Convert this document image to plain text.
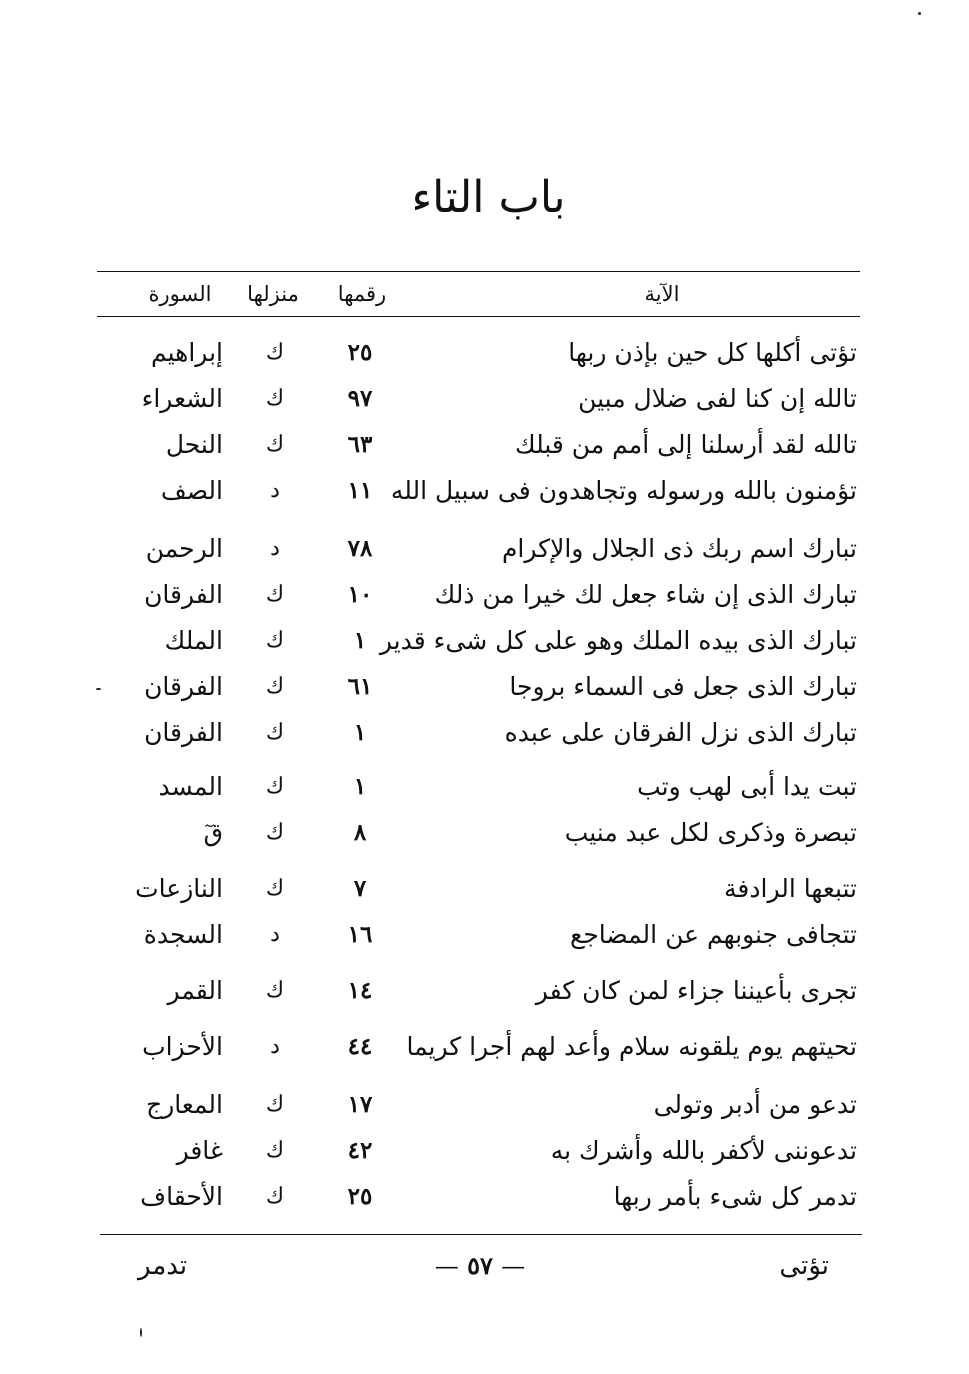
باب التاء
الآية
رقمها
منزلها
السورة
تؤتى أكلها كل حين بإذن ربها
٢٥
ك
إبراهيم
تالله إن كنا لفى ضلال مبين
٩٧
ك
الشعراء
تالله لقد أرسلنا إلى أمم من قبلك
٦٣
ك
النحل
تؤمنون بالله ورسوله وتجاهدون فى سبيل الله
١١
د
الصف
تبارك اسم ربك ذى الجلال والإكرام
٧٨
د
الرحمن
تبارك الذى إن شاء جعل لك خيرا من ذلك
١٠
ك
الفرقان
تبارك الذى بيده الملك وهو على كل شىء قدير
١
ك
الملك
تبارك الذى جعل فى السماء بروجا
٦١
ك
الفرقان
تبارك الذى نزل الفرقان على عبده
١
ك
الفرقان
تبت يدا أبى لهب وتب
١
ك
المسد
تبصرة وذكرى لكل عبد منيب
٨
ك
قٓ
تتبعها الرادفة
٧
ك
النازعات
تتجافى جنوبهم عن المضاجع
١٦
د
السجدة
تجرى بأعيننا جزاء لمن كان كفر
١٤
ك
القمر
تحيتهم يوم يلقونه سلام وأعد لهم أجرا كريما
٤٤
د
الأحزاب
تدعو من أدبر وتولى
١٧
ك
المعارج
تدعوننى لأكفر بالله وأشرك به
٤٢
ك
غافر
تدمر كل شىء بأمر ربها
٢٥
ك
الأحقاف
تؤتى
— ٥٧ —
تدمر
